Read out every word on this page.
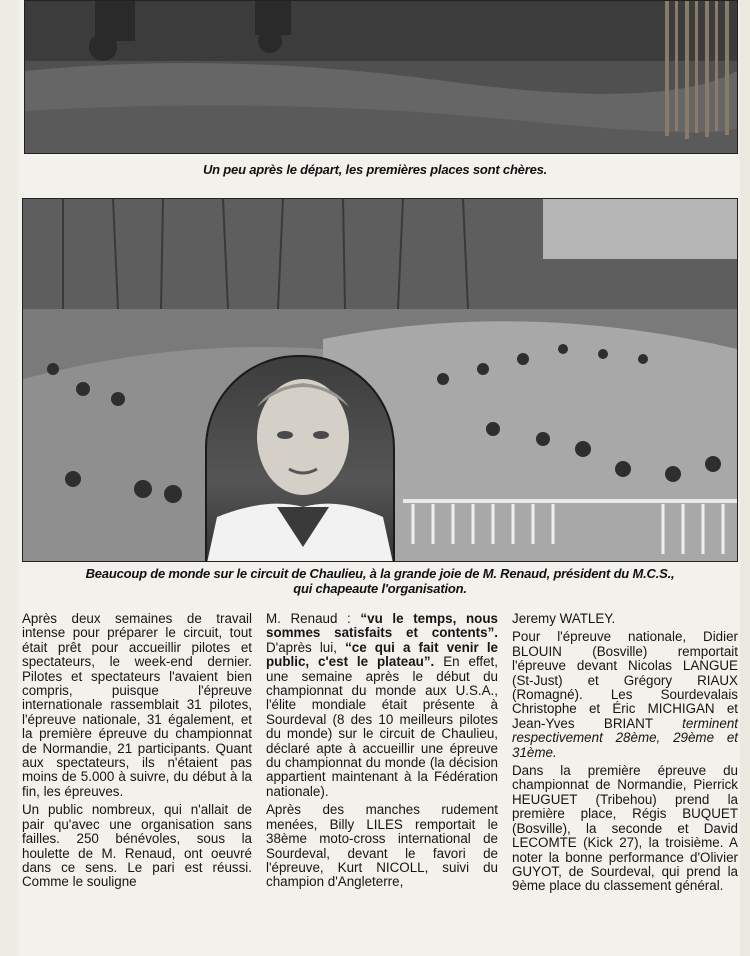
Un peu après le départ, les premières places sont chères.
Beaucoup de monde sur le circuit de Chaulieu, à la grande joie de M. Renaud, président du M.C.S.,
qui chapeaute l'organisation.

Après deux semaines de travail intense pour préparer le circuit, tout était prêt pour accueillir pilotes et spectateurs, le week-end dernier. Pilotes et spectateurs l'avaient bien compris, puisque l'épreuve internationale rassemblait 31 pilotes, l'épreuve nationale, 31 également, et la première épreuve du championnat de Normandie, 21 participants. Quant aux spectateurs, ils n'étaient pas moins de 5.000 à suivre, du début à la fin, les épreuves.

Un public nombreux, qui n'allait de pair qu'avec une organisation sans failles. 250 bénévoles, sous la houlette de M. Renaud, ont oeuvré dans ce sens. Le pari est réussi. Comme le souligne

M. Renaud : “vu le temps, nous sommes satisfaits et contents”. D'après lui, “ce qui a fait venir le public, c'est le plateau”. En effet, une semaine après le début du championnat du monde aux U.S.A., l'élite mondiale était présente à Sourdeval (8 des 10 meilleurs pilotes du monde) sur le circuit de Chaulieu, déclaré apte à accueillir une épreuve du championnat du monde (la décision appartient maintenant à la Fédération nationale).

Après des manches rudement menées, Billy LILES remportait le 38ème moto-cross international de Sourdeval, devant le favori de l'épreuve, Kurt NICOLL, suivi du champion d'Angleterre,

Jeremy WATLEY.

Pour l'épreuve nationale, Didier BLOUIN (Bosville) remportait l'épreuve devant Nicolas LANGUE (St-Just) et Grégory RIAUX (Romagné). Les Sourdevalais Christophe et Éric MICHIGAN et Jean-Yves BRIANT terminent respectivement 28ème, 29ème et 31ème.

Dans la première épreuve du championnat de Normandie, Pierrick HEUGUET (Tribehou) prend la première place, Régis BUQUET (Bosville), la seconde et David LECOMTE (Kick 27), la troisième. A noter la bonne performance d'Olivier GUYOT, de Sourdeval, qui prend la 9ème place du classement général.
